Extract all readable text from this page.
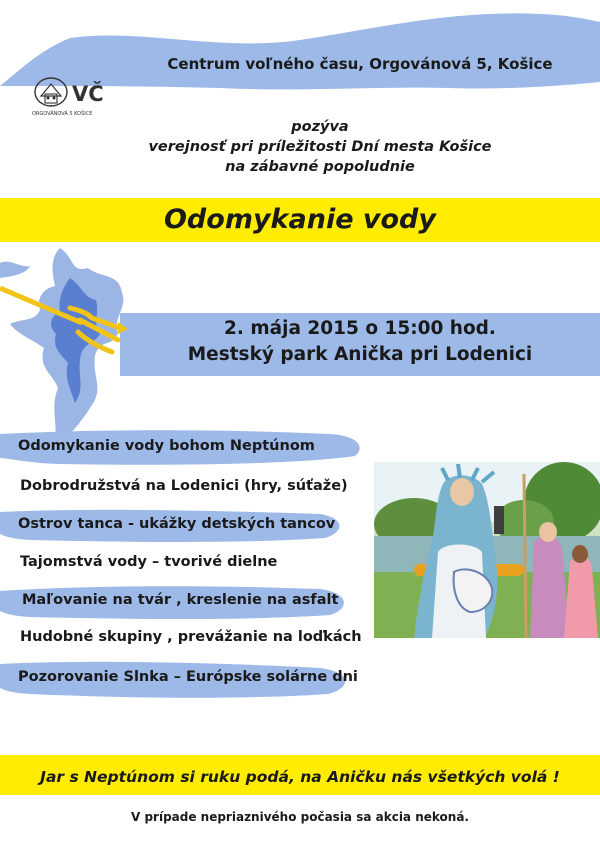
VČ
ORGOVÁNOVÁ 5 KOŠICE
Centrum voľného času, Orgovánová 5, Košice
pozýva
verejnosť pri príležitosti Dní mesta Košice
na zábavné popoludnie
Odomykanie vody
2. mája 2015 o 15:00 hod.
Mestský park Anička pri Lodenici
Odomykanie vody bohom Neptúnom
Dobrodružstvá na Lodenici (hry, súťaže)
Ostrov tanca - ukážky detských tancov
Tajomstvá vody – tvorivé dielne
Maľovanie na tvár , kreslenie na asfalt
Hudobné skupiny , prevážanie na loďkách
Pozorovanie Slnka – Európske solárne dni
Jar s Neptúnom si ruku podá, na Aničku nás všetkých volá !
V prípade nepriaznivého počasia sa akcia nekoná.
